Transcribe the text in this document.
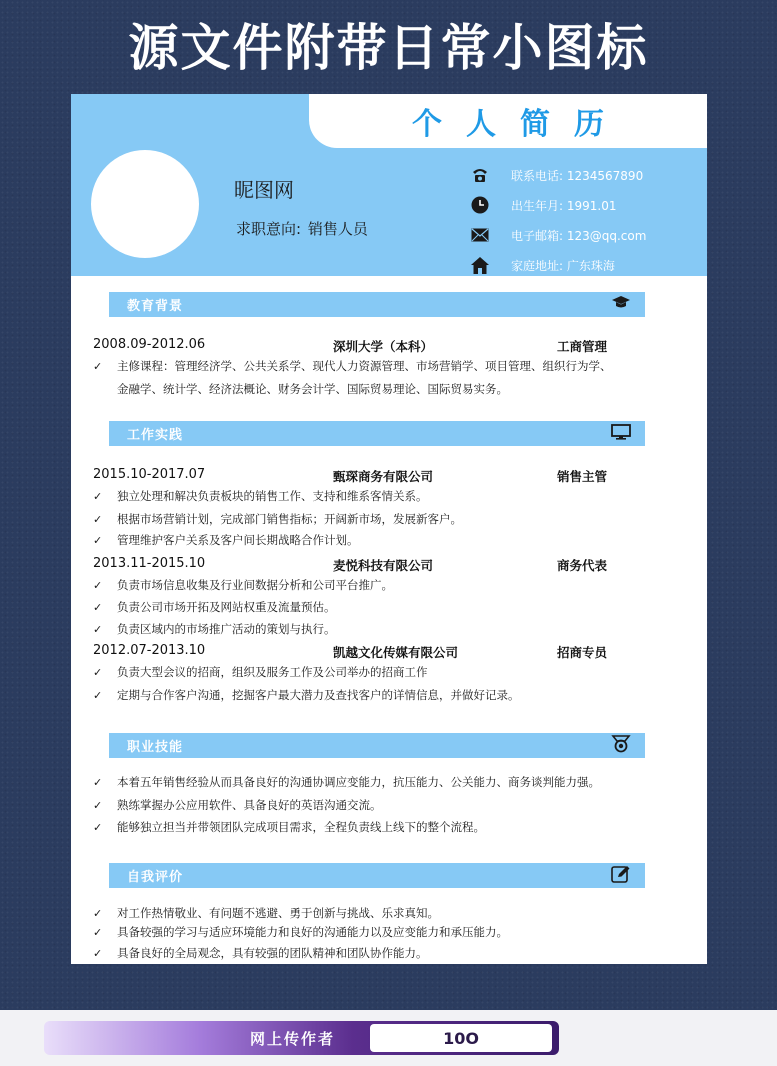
源文件附带日常小图标
个人简历
昵图网
求职意向: 销售人员
联系电话: 1234567890
出生年月: 1991.01
电子邮箱: 123@qq.com
家庭地址: 广东珠海
教育背景
2008.09-2012.06	深圳大学（本科）	工商管理
✓	主修课程：管理经济学、公共关系学、现代人力资源管理、市场营销学、项目管理、组织行为学、
金融学、统计学、经济法概论、财务会计学、国际贸易理论、国际贸易实务。
工作实践
2015.10-2017.07	甄琛商务有限公司	销售主管
✓	独立处理和解决负责板块的销售工作、支持和维系客情关系。
✓	根据市场营销计划，完成部门销售指标；开阔新市场，发展新客户。
✓	管理维护客户关系及客户间长期战略合作计划。
2013.11-2015.10	麦悦科技有限公司	商务代表
✓	负责市场信息收集及行业间数据分析和公司平台推广。
✓	负责公司市场开拓及网站权重及流量预估。
✓	负责区域内的市场推广活动的策划与执行。
2012.07-2013.10	凯越文化传媒有限公司	招商专员
✓	负责大型会议的招商，组织及服务工作及公司举办的招商工作
✓	定期与合作客户沟通，挖掘客户最大潜力及查找客户的详情信息，并做好记录。
职业技能
✓	本着五年销售经验从而具备良好的沟通协调应变能力，抗压能力、公关能力、商务谈判能力强。
✓	熟练掌握办公应用软件、具备良好的英语沟通交流。
✓	能够独立担当并带领团队完成项目需求，全程负责线上线下的整个流程。
自我评价
✓	对工作热情敬业、有问题不逃避、勇于创新与挑战、乐求真知。
✓	具备较强的学习与适应环境能力和良好的沟通能力以及应变能力和承压能力。
✓	具备良好的全局观念，具有较强的团队精神和团队协作能力。
网上传作者	10O
